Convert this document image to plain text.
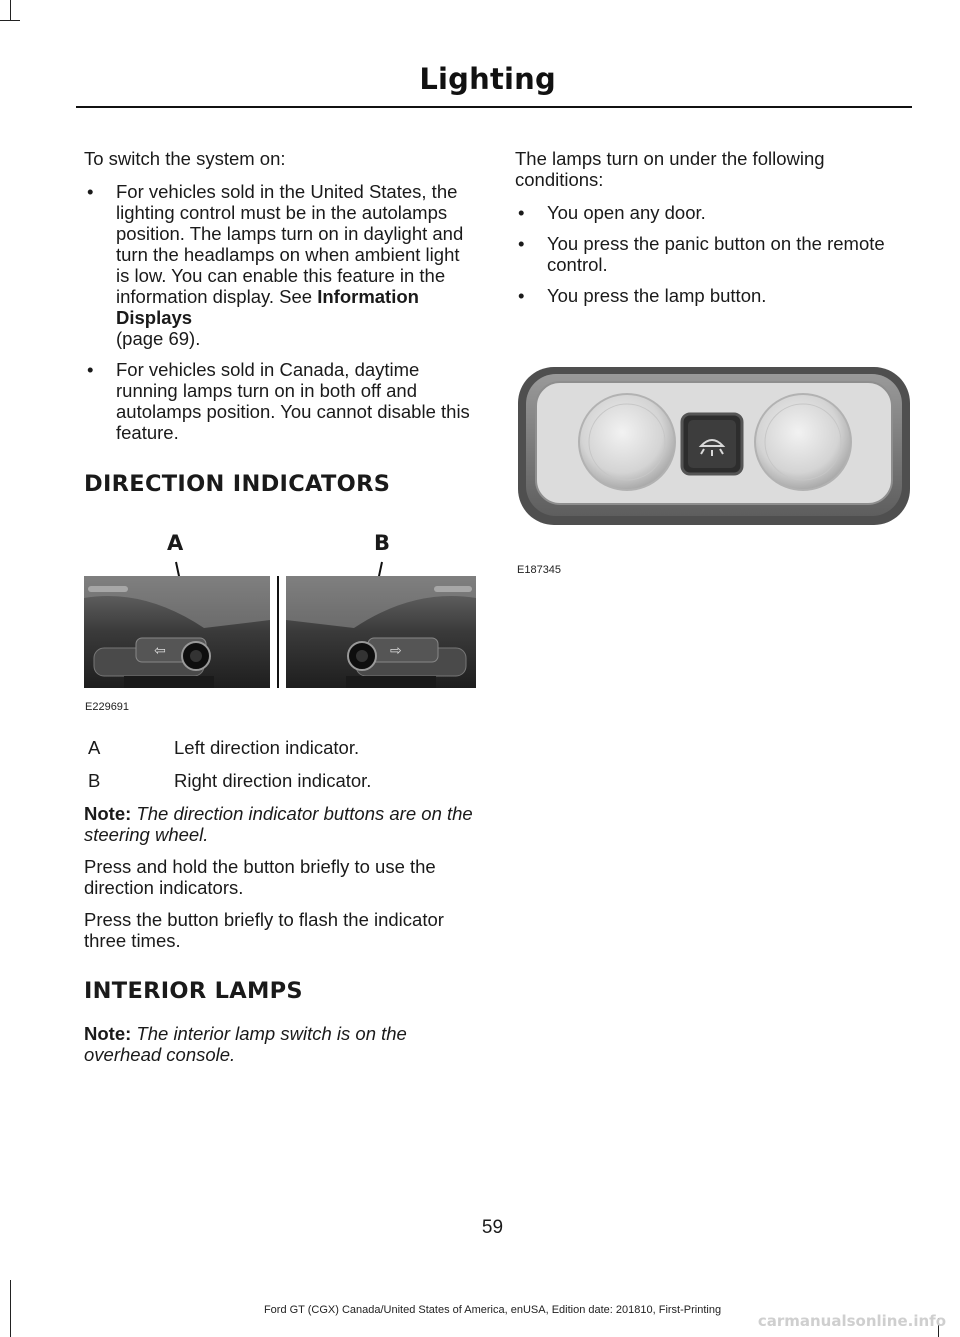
Lighting

To switch the system on:

• For vehicles sold in the United States, the lighting control must be in the autolamps position. The lamps turn on in daylight and turn the headlamps on when ambient light is low. You can enable this feature in the information display. See Information Displays
(page 69).
• For vehicles sold in Canada, daytime running lamps turn on in both off and autolamps position. You cannot disable this feature.
DIRECTION INDICATORS
A	B
⇦	⇨
E229691
A	Left direction indicator.
B	Right direction indicator.

Note: The direction indicator buttons are on the steering wheel.

Press and hold the button briefly to use the direction indicators.

Press the button briefly to flash the indicator three times.

INTERIOR LAMPS

Note: The interior lamp switch is on the overhead console.

The lamps turn on under the following conditions:

• You open any door.
• You press the panic button on the remote control.
• You press the lamp button.
E187345
59
Ford GT (CGX) Canada/United States of America, enUSA, Edition date: 201810, First-Printing
carmanualsonline.info
